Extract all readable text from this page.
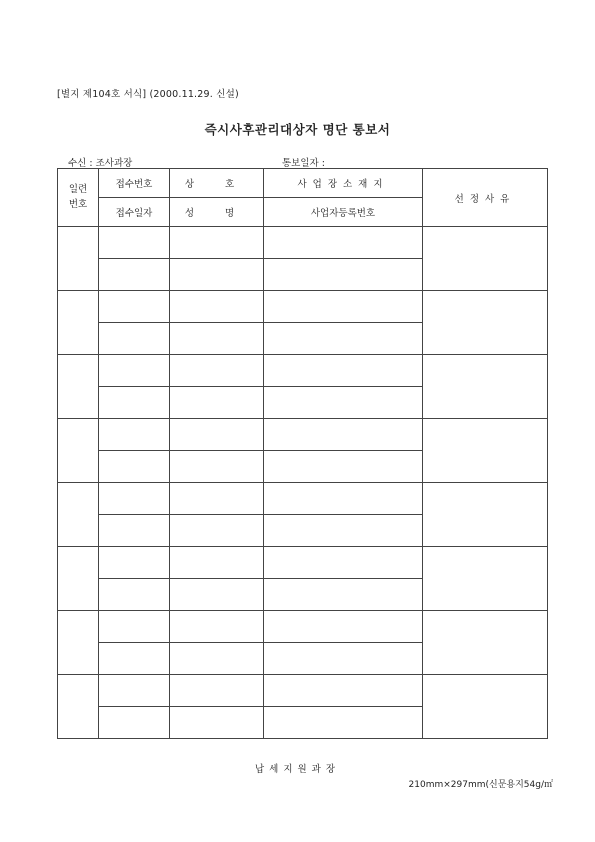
[별지 제104호 서식] (2000.11.29. 신설)
즉시사후관리대상자 명단 통보서
수신 : 조사과장	통보일자 :
일련
번호	접수번호	상 호	사업장소재지	선정사유
	접수일자	성 명	사업자등록번호	

납세지원과장
210mm×297mm(신문용지54g/㎡
